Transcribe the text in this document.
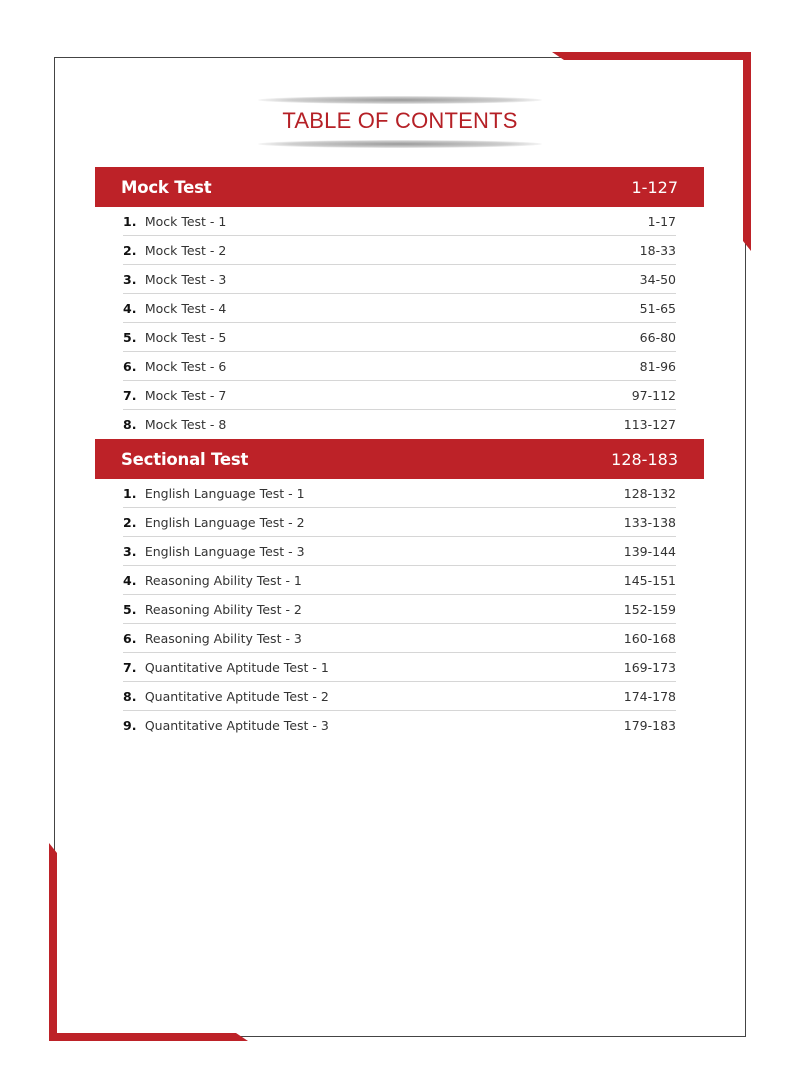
TABLE OF CONTENTS
Mock Test	1-127
1. Mock Test - 1	1-17
2. Mock Test - 2	18-33
3. Mock Test - 3	34-50
4. Mock Test - 4	51-65
5. Mock Test - 5	66-80
6. Mock Test - 6	81-96
7. Mock Test - 7	97-112
8. Mock Test - 8	113-127
Sectional Test	128-183
1. English Language Test - 1	128-132
2. English Language Test - 2	133-138
3. English Language Test - 3	139-144
4. Reasoning Ability Test - 1	145-151
5. Reasoning Ability Test - 2	152-159
6. Reasoning Ability Test - 3	160-168
7. Quantitative Aptitude Test - 1	169-173
8. Quantitative Aptitude Test - 2	174-178
9. Quantitative Aptitude Test - 3	179-183
